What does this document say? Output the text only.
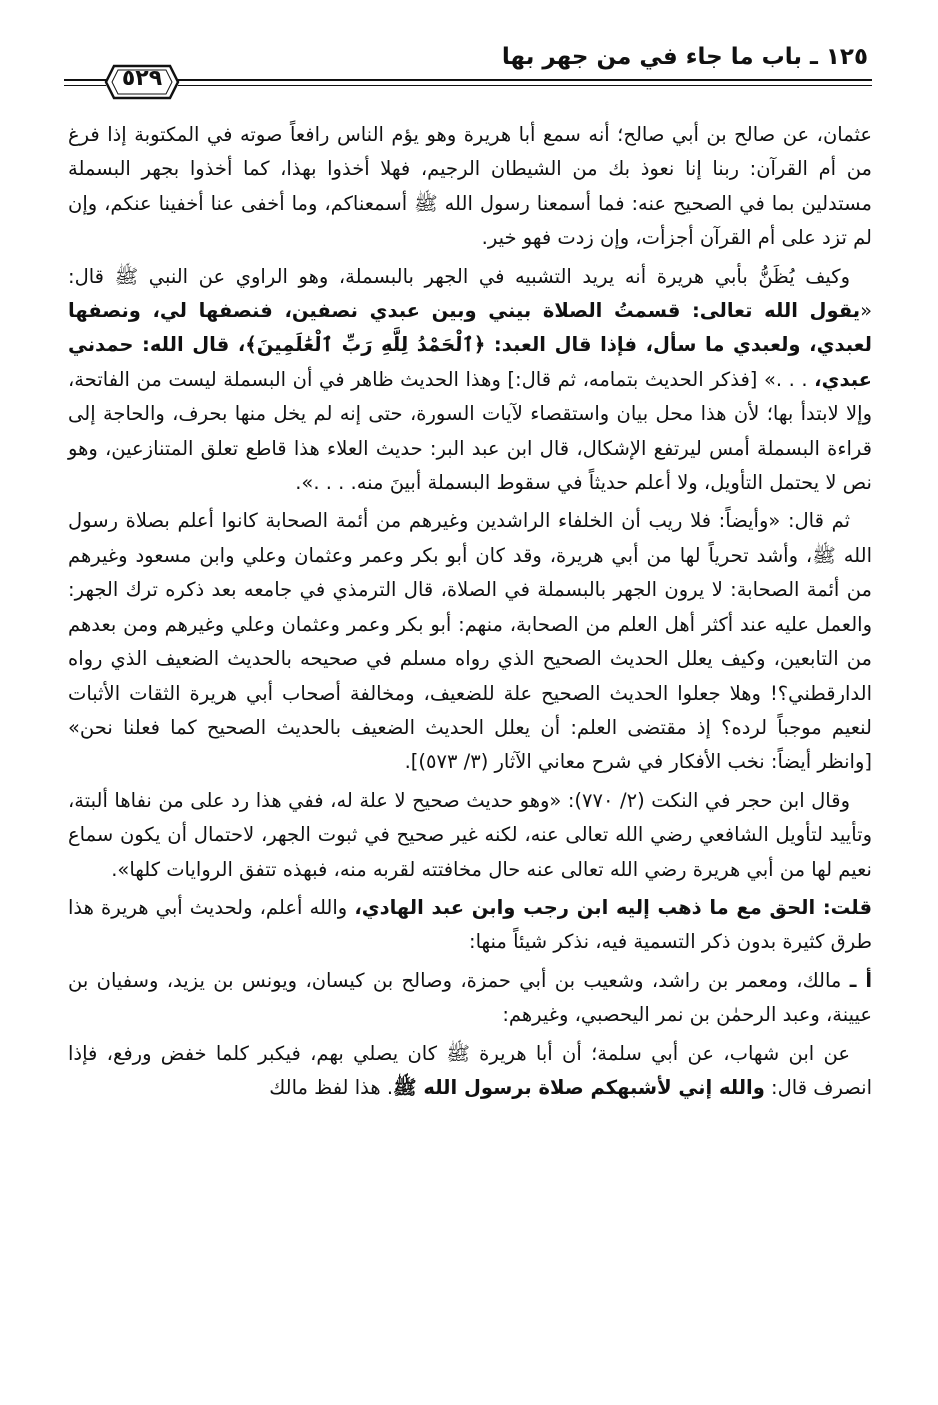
١٢٥ ـ باب ما جاء في من جهر بها
٥٢٩

عثمان، عن صالح بن أبي صالح؛ أنه سمع أبا هريرة وهو يؤم الناس رافعاً صوته في المكتوبة إذا فرغ من أم القرآن: ربنا إنا نعوذ بك من الشيطان الرجيم، فهلا أخذوا بهذا، كما أخذوا بجهر البسملة مستدلين بما في الصحيح عنه: فما أسمعنا رسول الله ﷺ أسمعناكم، وما أخفى عنا أخفينا عنكم، وإن لم تزد على أم القرآن أجزأت، وإن زدت فهو خير.

وكيف يُظَنُّ بأبي هريرة أنه يريد التشبيه في الجهر بالبسملة، وهو الراوي عن النبي ﷺ قال: «يقول الله تعالى: قسمتُ الصلاة بيني وبين عبدي نصفين، فنصفها لي، ونصفها لعبدي، ولعبدي ما سأل، فإذا قال العبد: ﴿ٱلْحَمْدُ لِلَّهِ رَبِّ ٱلْعَٰلَمِينَ﴾، قال الله: حمدني عبدي، . . .» [فذكر الحديث بتمامه، ثم قال:] وهذا الحديث ظاهر في أن البسملة ليست من الفاتحة، وإلا لابتدأ بها؛ لأن هذا محل بيان واستقصاء لآيات السورة، حتى إنه لم يخل منها بحرف، والحاجة إلى قراءة البسملة أمس ليرتفع الإشكال، قال ابن عبد البر: حديث العلاء هذا قاطع تعلق المتنازعين، وهو نص لا يحتمل التأويل، ولا أعلم حديثاً في سقوط البسملة أبينَ منه. . . .».

ثم قال: «وأيضاً: فلا ريب أن الخلفاء الراشدين وغيرهم من أئمة الصحابة كانوا أعلم بصلاة رسول الله ﷺ، وأشد تحرياً لها من أبي هريرة، وقد كان أبو بكر وعمر وعثمان وعلي وابن مسعود وغيرهم من أئمة الصحابة: لا يرون الجهر بالبسملة في الصلاة، قال الترمذي في جامعه بعد ذكره ترك الجهر: والعمل عليه عند أكثر أهل العلم من الصحابة، منهم: أبو بكر وعمر وعثمان وعلي وغيرهم ومن بعدهم من التابعين، وكيف يعلل الحديث الصحيح الذي رواه مسلم في صحيحه بالحديث الضعيف الذي رواه الدارقطني؟! وهلا جعلوا الحديث الصحيح علة للضعيف، ومخالفة أصحاب أبي هريرة الثقات الأثبات لنعيم موجباً لرده؟ إذ مقتضى العلم: أن يعلل الحديث الضعيف بالحديث الصحيح كما فعلنا نحن» [وانظر أيضاً: نخب الأفكار في شرح معاني الآثار (٣/ ٥٧٣)].

وقال ابن حجر في النكت (٢/ ٧٧٠): «وهو حديث صحيح لا علة له، ففي هذا رد على من نفاها ألبتة، وتأييد لتأويل الشافعي رضي الله تعالى عنه، لكنه غير صحيح في ثبوت الجهر، لاحتمال أن يكون سماع نعيم لها من أبي هريرة رضي الله تعالى عنه حال مخافتته لقربه منه، فبهذه تتفق الروايات كلها».

قلت: الحق مع ما ذهب إليه ابن رجب وابن عبد الهادي، والله أعلم، ولحديث أبي هريرة هذا طرق كثيرة بدون ذكر التسمية فيه، نذكر شيئاً منها:

أ ـ مالك، ومعمر بن راشد، وشعيب بن أبي حمزة، وصالح بن كيسان، ويونس بن يزيد، وسفيان بن عيينة، وعبد الرحمٰن بن نمر اليحصبي، وغيرهم:

عن ابن شهاب، عن أبي سلمة؛ أن أبا هريرة ﷺ كان يصلي بهم، فيكبر كلما خفض ورفع، فإذا انصرف قال: والله إني لأشبهكم صلاة برسول الله ﷺ. هذا لفظ مالك
